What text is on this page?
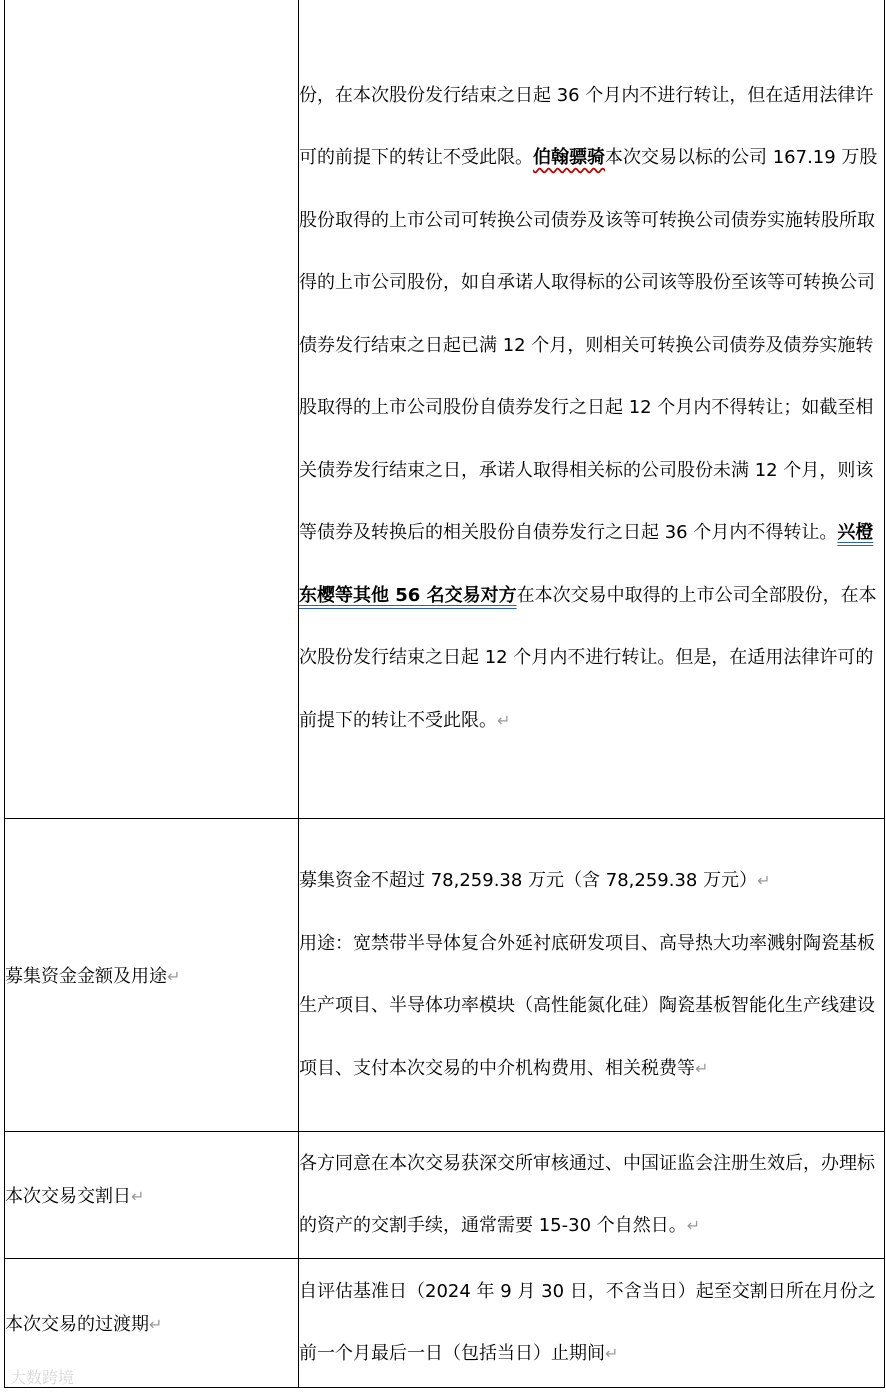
	份，在本次股份发行结束之日起 36 个月内不进行转让，但在适用法律许可的前提下的转让不受此限。伯翰骠骑本次交易以标的公司 167.19 万股股份取得的上市公司可转换公司债券及该等可转换公司债券实施转股所取得的上市公司股份，如自承诺人取得标的公司该等股份至该等可转换公司债券发行结束之日起已满 12 个月，则相关可转换公司债券及债券实施转股取得的上市公司股份自债券发行之日起 12 个月内不得转让；如截至相关债券发行结束之日，承诺人取得相关标的公司股份未满 12 个月，则该等债券及转换后的相关股份自债券发行之日起 36 个月内不得转让。兴橙东樱等其他 56 名交易对方在本次交易中取得的上市公司全部股份，在本次股份发行结束之日起 12 个月内不进行转让。但是，在适用法律许可的前提下的转让不受此限。↵
募集资金金额及用途↵	募集资金不超过 78,259.38 万元（含 78,259.38 万元）↵
用途：宽禁带半导体复合外延衬底研发项目、高导热大功率溅射陶瓷基板生产项目、半导体功率模块（高性能氮化硅）陶瓷基板智能化生产线建设项目、支付本次交易的中介机构费用、相关税费等↵

本次交易交割日↵	各方同意在本次交易获深交所审核通过、中国证监会注册生效后，办理标的资产的交割手续，通常需要 15-30 个自然日。↵
本次交易的过渡期↵	自评估基准日（2024 年 9 月 30 日，不含当日）起至交割日所在月份之前一个月最后一日（包括当日）止期间↵
大数跨境
